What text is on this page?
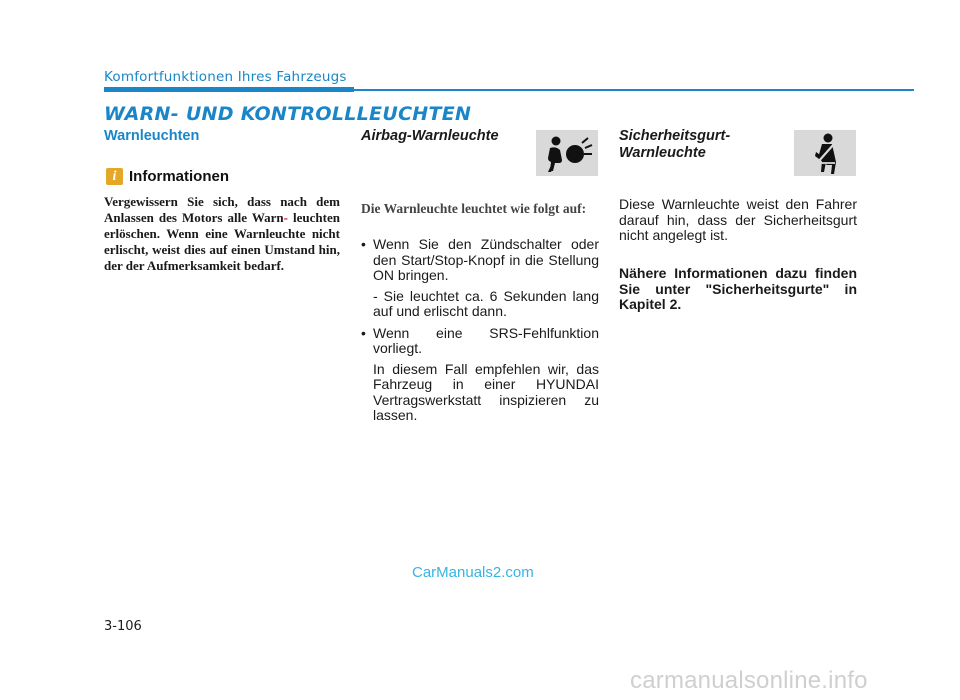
Komfortfunktionen Ihres Fahrzeugs
WARN- UND KONTROLLLEUCHTEN
Warnleuchten
i Informationen
Vergewissern Sie sich, dass nach dem Anlassen des Motors alle Warn- leuchten erlöschen. Wenn eine Warnleuchte nicht erlischt, weist dies auf einen Umstand hin, der der Aufmerksamkeit bedarf.
Airbag-Warnleuchte
Die Warnleuchte leuchtet wie folgt auf:
• Wenn Sie den Zündschalter oder den Start/Stop-Knopf in die Stellung ON bringen.
- Sie leuchtet ca. 6 Sekunden lang auf und erlischt dann.
• Wenn eine SRS-Fehlfunktion vorliegt.
In diesem Fall empfehlen wir, das Fahrzeug in einer HYUNDAI Vertragswerkstatt inspizieren zu lassen.
Sicherheitsgurt-
Warnleuchte
Diese Warnleuchte weist den Fahrer darauf hin, dass der Sicherheitsgurt nicht angelegt ist.
Nähere Informationen dazu finden Sie unter "Sicherheitsgurte" in Kapitel 2.
3-106
CarManuals2.com
carmanualsonline.info
